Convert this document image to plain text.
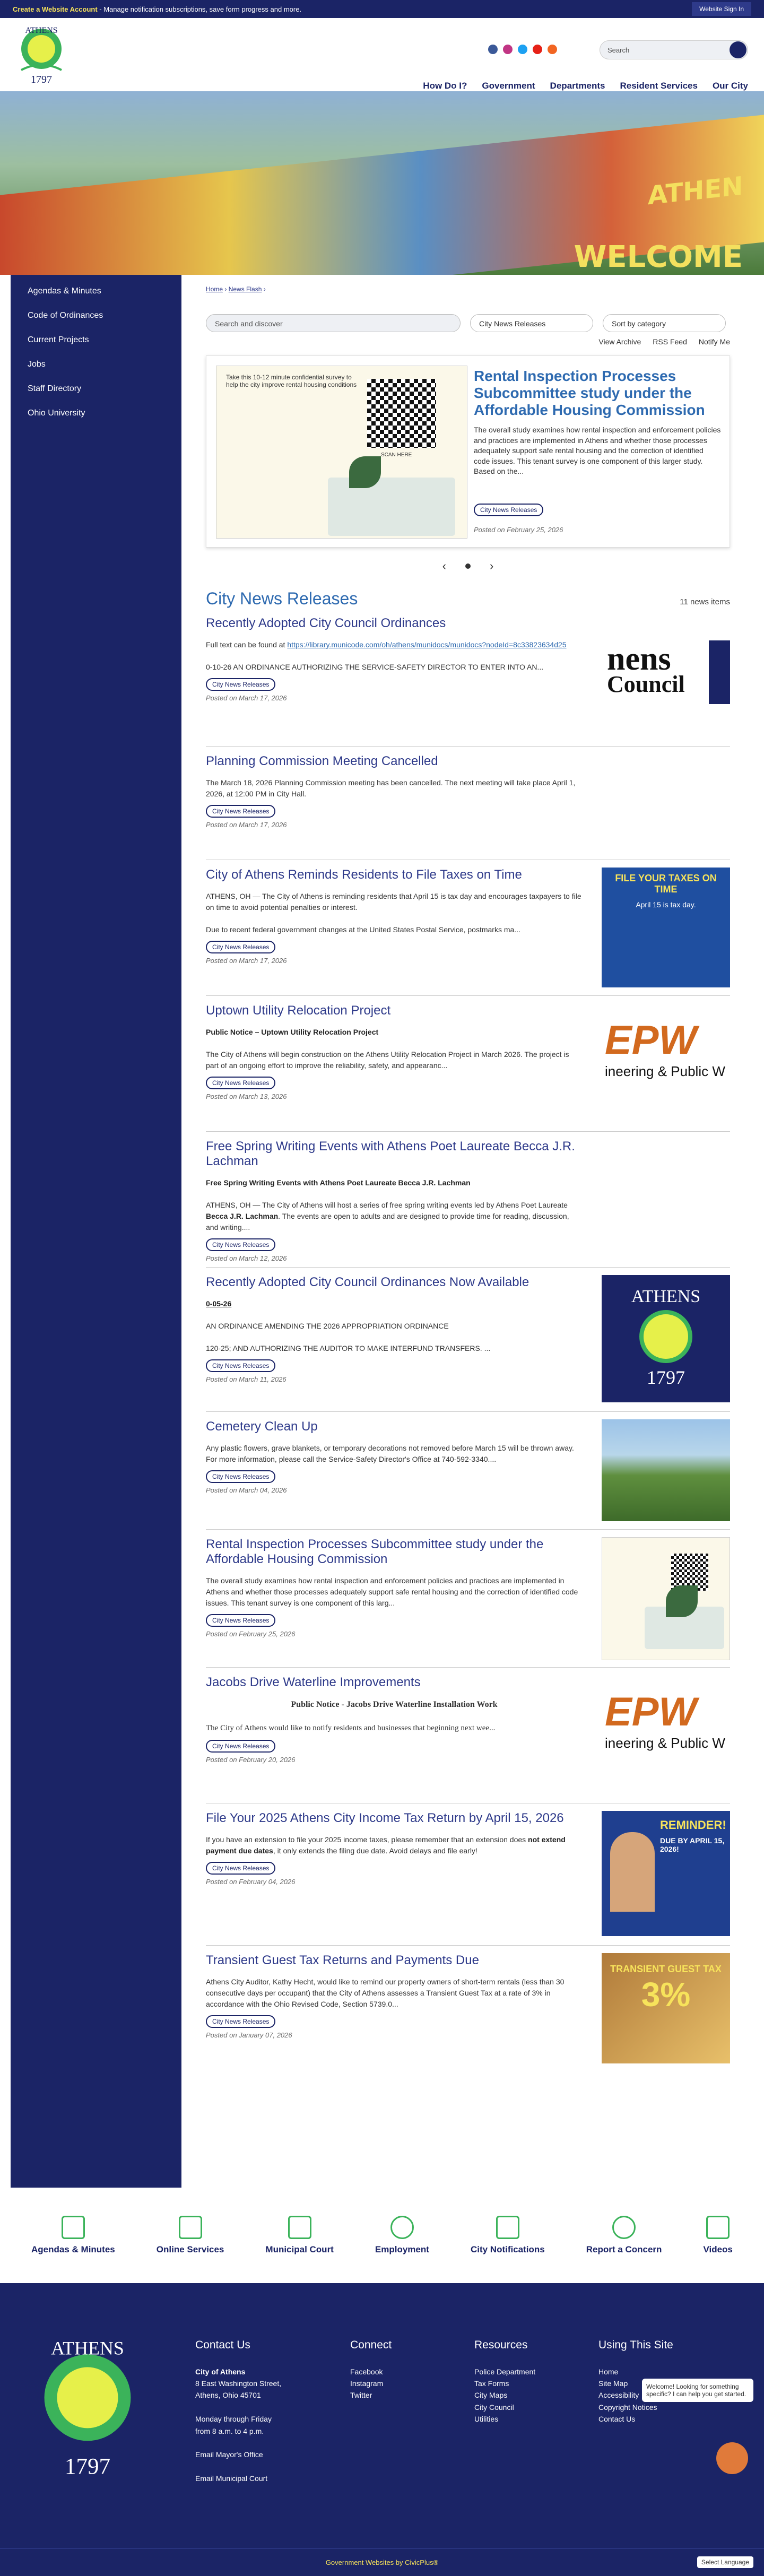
Create a Website Account - Manage notification subscriptions, save form progress and more.	Website Sign In
ATHENS
1797
Search
How Do I? Government Departments Resident Services Our City
ATHEN
WELCOME
Agendas & Minutes
Code of Ordinances
Current Projects
Jobs
Staff Directory
Ohio University
Home › News Flash ›
Search and discover	City News Releases	Sort by category
View Archive RSS Feed Notify Me

Take this 10-12 minute confidential survey to help the city improve rental housing conditions

SCAN HERE

Rental Inspection Processes Subcommittee study under the Affordable Housing Commission

The overall study examines how rental inspection and enforcement policies and practices are implemented in Athens and whether those processes adequately support safe rental housing and the correction of identified code issues. This tenant survey is one component of this larger study. Based on the...

City News Releases

Posted on February 25, 2026

‹	›
City News Releases	11 news items
Recently Adopted City Council Ordinances
Full text can be found at https://library.municode.com/oh/athens/munidocs/munidocs?nodeId=8c33823634d25

0-10-26 AN ORDINANCE AUTHORIZING THE SERVICE-SAFETY DIRECTOR TO ENTER INTO AN...
City News Releases
Posted on March 17, 2026
nens
Council
Planning Commission Meeting Cancelled
The March 18, 2026 Planning Commission meeting has been cancelled. The next meeting will take place April 1, 2026, at 12:00 PM in City Hall.
City News Releases
Posted on March 17, 2026
City of Athens Reminds Residents to File Taxes on Time
ATHENS, OH — The City of Athens is reminding residents that April 15 is tax day and encourages taxpayers to file on time to avoid potential penalties or interest.

Due to recent federal government changes at the United States Postal Service, postmarks ma...
City News Releases
Posted on March 17, 2026
FILE YOUR TAXES ON TIME
April 15 is tax day.
Uptown Utility Relocation Project
Public Notice – Uptown Utility Relocation Project

The City of Athens will begin construction on the Athens Utility Relocation Project in March 2026. The project is part of an ongoing effort to improve the reliability, safety, and appearanc...
City News Releases
Posted on March 13, 2026
EPW
ineering & Public W
Free Spring Writing Events with Athens Poet Laureate Becca J.R. Lachman
Free Spring Writing Events with Athens Poet Laureate Becca J.R. Lachman

ATHENS, OH — The City of Athens will host a series of free spring writing events led by Athens Poet Laureate Becca J.R. Lachman. The events are open to adults and are designed to provide time for reading, discussion, and writing....
City News Releases
Posted on March 12, 2026
Recently Adopted City Council Ordinances Now Available
0-05-26

AN ORDINANCE AMENDING THE 2026 APPROPRIATION ORDINANCE

120-25; AND AUTHORIZING THE AUDITOR TO MAKE INTERFUND TRANSFERS. ...
City News Releases
Posted on March 11, 2026
ATHENS
1797
Cemetery Clean Up
Any plastic flowers, grave blankets, or temporary decorations not removed before March 15 will be thrown away. For more information, please call the Service-Safety Director's Office at 740-592-3340....
City News Releases
Posted on March 04, 2026
Rental Inspection Processes Subcommittee study under the Affordable Housing Commission
The overall study examines how rental inspection and enforcement policies and practices are implemented in Athens and whether those processes adequately support safe rental housing and the correction of identified code issues. This tenant survey is one component of this larg...
City News Releases
Posted on February 25, 2026
Jacobs Drive Waterline Improvements
Public Notice - Jacobs Drive Waterline Installation Work

The City of Athens would like to notify residents and businesses that beginning next wee...
City News Releases
Posted on February 20, 2026
EPW
ineering & Public W
File Your 2025 Athens City Income Tax Return by April 15, 2026
If you have an extension to file your 2025 income taxes, please remember that an extension does not extend payment due dates, it only extends the filing due date. Avoid delays and file early!
City News Releases
Posted on February 04, 2026
REMINDER!
DUE BY APRIL 15, 2026!
Transient Guest Tax Returns and Payments Due
Athens City Auditor, Kathy Hecht, would like to remind our property owners of short-term rentals (less than 30 consecutive days per occupant) that the City of Athens assesses a Transient Guest Tax at a rate of 3% in accordance with the Ohio Revised Code, Section 5739.0...
City News Releases
Posted on January 07, 2026
TRANSIENT GUEST TAX
3%
Agendas & Minutes	Online Services	Municipal Court	Employment	City Notifications	Report a Concern	Videos
ATHENS
1797
Contact Us
City of Athens
8 East Washington Street,
Athens, Ohio 45701

Monday through Friday
from 8 a.m. to 4 p.m.

Email Mayor's Office

Email Municipal Court
Connect
Facebook
Instagram
Twitter
Resources
Police Department
Tax Forms
City Maps
City Council
Utilities
Using This Site
Home
Site Map
Accessibility
Copyright Notices
Contact Us
Welcome! Looking for something specific? I can help you get started.
Government Websites by CivicPlus®	Select Language
